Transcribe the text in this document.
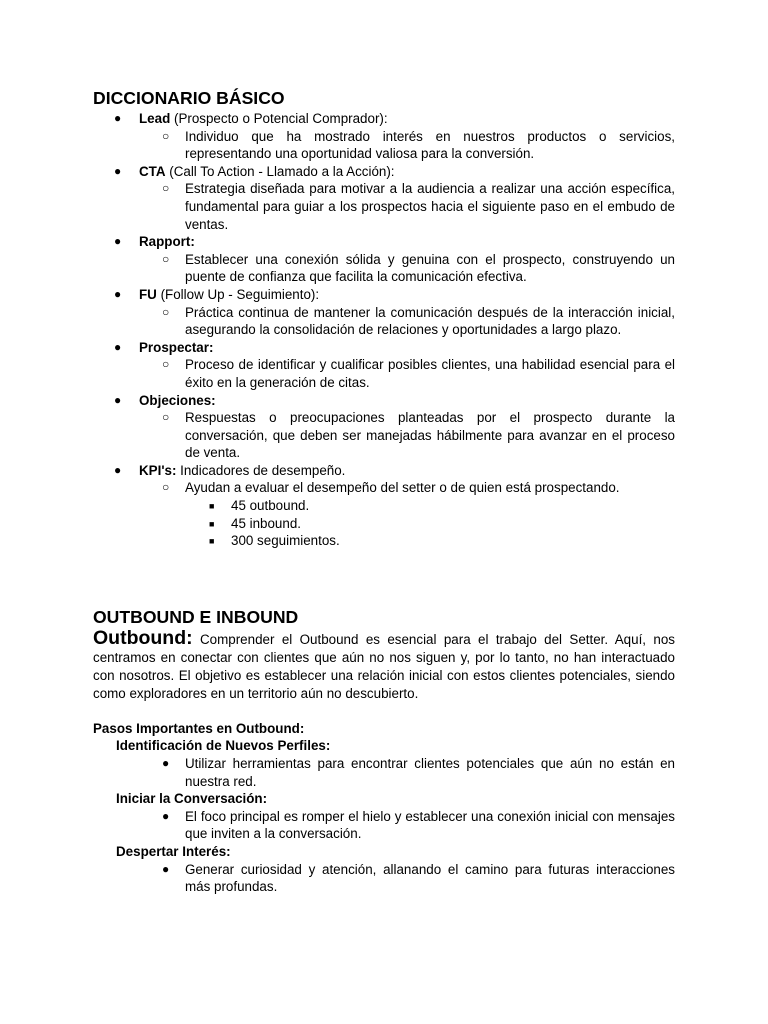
DICCIONARIO BÁSICO
● Lead (Prospecto o Potencial Comprador):
○ Individuo que ha mostrado interés en nuestros productos o servicios, representando una oportunidad valiosa para la conversión.
● CTA (Call To Action - Llamado a la Acción):
○ Estrategia diseñada para motivar a la audiencia a realizar una acción específica, fundamental para guiar a los prospectos hacia el siguiente paso en el embudo de ventas.
● Rapport:
○ Establecer una conexión sólida y genuina con el prospecto, construyendo un puente de confianza que facilita la comunicación efectiva.
● FU (Follow Up - Seguimiento):
○ Práctica continua de mantener la comunicación después de la interacción inicial, asegurando la consolidación de relaciones y oportunidades a largo plazo.
● Prospectar:
○ Proceso de identificar y cualificar posibles clientes, una habilidad esencial para el éxito en la generación de citas.
● Objeciones:
○ Respuestas o preocupaciones planteadas por el prospecto durante la conversación, que deben ser manejadas hábilmente para avanzar en el proceso de venta.
● KPI's: Indicadores de desempeño.
○ Ayudan a evaluar el desempeño del setter o de quien está prospectando.
■ 45 outbound.
■ 45 inbound.
■ 300 seguimientos.
OUTBOUND E INBOUND
Outbound: Comprender el Outbound es esencial para el trabajo del Setter. Aquí, nos centramos en conectar con clientes que aún no nos siguen y, por lo tanto, no han interactuado con nosotros. El objetivo es establecer una relación inicial con estos clientes potenciales, siendo como exploradores en un territorio aún no descubierto.
Pasos Importantes en Outbound:
Identificación de Nuevos Perfiles:
● Utilizar herramientas para encontrar clientes potenciales que aún no están en nuestra red.
Iniciar la Conversación:
● El foco principal es romper el hielo y establecer una conexión inicial con mensajes que inviten a la conversación.
Despertar Interés:
● Generar curiosidad y atención, allanando el camino para futuras interacciones más profundas.
